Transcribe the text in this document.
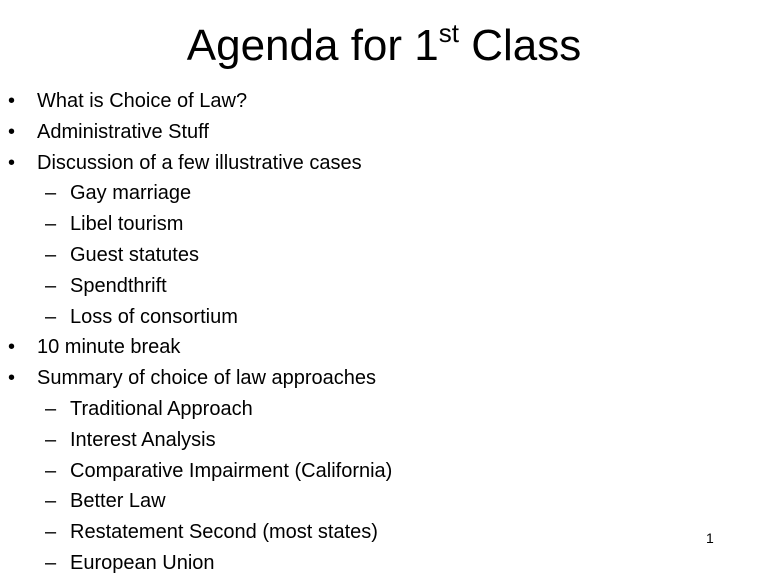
Agenda for 1st Class
• What is Choice of Law?
• Administrative Stuff
• Discussion of a few illustrative cases
– Gay marriage
– Libel tourism
– Guest statutes
– Spendthrift
– Loss of consortium
• 10 minute break
• Summary of choice of law approaches
– Traditional Approach
– Interest Analysis
– Comparative Impairment (California)
– Better Law
– Restatement Second (most states)
– European Union
1
